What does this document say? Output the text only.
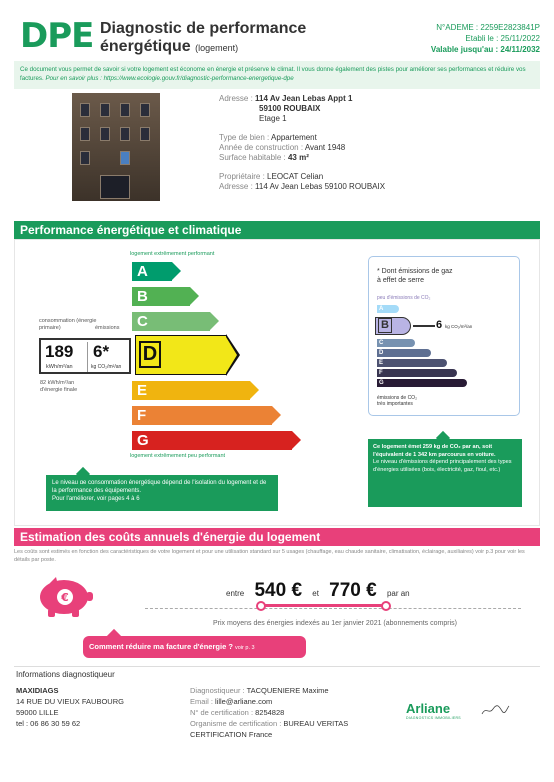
DPE Diagnostic de performance
énergétique (logement)
N°ADEME : 2259E2823841P
Etabli le : 25/11/2022
Valable jusqu'au : 24/11/2032
Ce document vous permet de savoir si votre logement est économe en énergie et préserve le climat. Il vous donne également des pistes pour améliorer ses performances et réduire vos factures. Pour en savoir plus : https://www.ecologie.gouv.fr/diagnostic-performance-energetique-dpe
Adresse : 114 Av Jean Lebas Appt 1
59100 ROUBAIX
Etage 1
Type de bien : Appartement
Année de construction : Avant 1948
Surface habitable : 43 m²
Propriétaire : LEOCAT Celian
Adresse : 114 Av Jean Lebas 59100 ROUBAIX
Performance énergétique et climatique
logement extrêmement performant
A
B
C
E
F
G
logement extrêmement peu performant
consommation (énergie primaire)	émissions
189
kWh/m²/an
6*
kg CO₂/m²/an
D
82 kWh/m²/an
d'énergie finale
Le niveau de consommation énergétique dépend de l'isolation du logement et de la performance des équipements.
Pour l'améliorer, voir pages 4 à 6
* Dont émissions de gaz
à effet de serre
peu d'émissions de CO₂
A
C
D
E
F
G
B	6 kg CO₂/m²/an
émissions de CO₂
très importantes
Ce logement émet 259 kg de CO₂ par an, soit l'équivalent de 1 342 km parcourus en voiture.
Le niveau d'émissions dépend principalement des types d'énergies utilisées (bois, électricité, gaz, fioul, etc.)
Estimation des coûts annuels d'énergie du logement
Les coûts sont estimés en fonction des caractéristiques de votre logement et pour une utilisation standard sur 5 usages (chauffage, eau chaude sanitaire, climatisation, éclairage, auxiliaires) voir p.3 pour voir les détails par poste.
€	entre 540 € et 770 € par an
Prix moyens des énergies indexés au 1er janvier 2021 (abonnements compris)
Comment réduire ma facture d'énergie ? voir p. 3
Informations diagnostiqueur
MAXIDIAGS
14 RUE DU VIEUX FAUBOURG
59000 LILLE
tel : 06 86 30 59 62
Diagnostiqueur : TACQUENIERE Maxime
Email : lille@arliane.com
N° de certification : 8254828
Organisme de certification : BUREAU VERITAS
CERTIFICATION France
Arliane
DIAGNOSTICS IMMOBILIERS
